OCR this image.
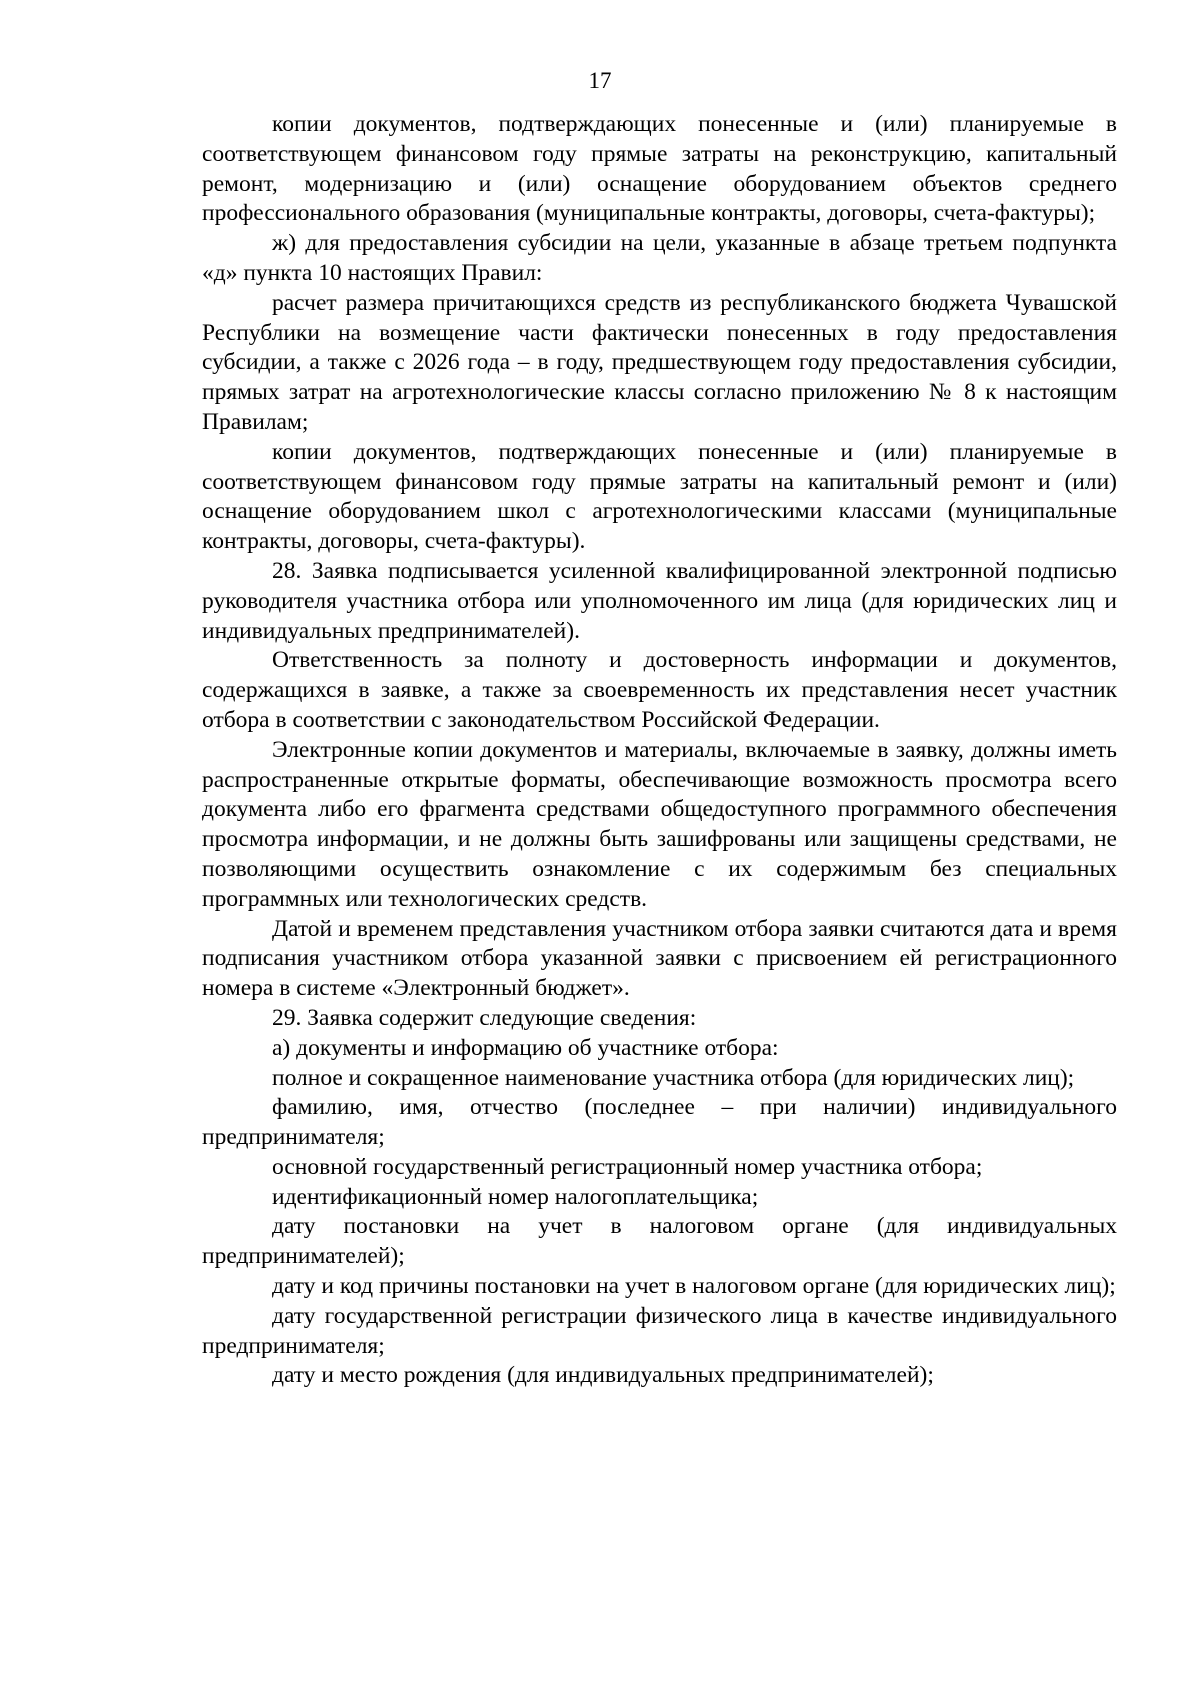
17

копии документов, подтверждающих понесенные и (или) планируемые в соответствующем финансовом году прямые затраты на реконструкцию, капитальный ремонт, модернизацию и (или) оснащение оборудованием объектов среднего профессионального образования (муниципальные контракты, договоры, счета-фактуры);

ж) для предоставления субсидии на цели, указанные в абзаце третьем подпункта «д» пункта 10 настоящих Правил:

расчет размера причитающихся средств из республиканского бюджета Чувашской Республики на возмещение части фактически понесенных в году предоставления субсидии, а также с 2026 года – в году, предшествующем году предоставления субсидии, прямых затрат на агротехнологические классы согласно приложению № 8 к настоящим Правилам;

копии документов, подтверждающих понесенные и (или) планируемые в соответствующем финансовом году прямые затраты на капитальный ремонт и (или) оснащение оборудованием школ с агротехнологическими классами (муниципальные контракты, договоры, счета-фактуры).

28. Заявка подписывается усиленной квалифицированной электронной подписью руководителя участника отбора или уполномоченного им лица (для юридических лиц и индивидуальных предпринимателей).

Ответственность за полноту и достоверность информации и документов, содержащихся в заявке, а также за своевременность их представления несет участник отбора в соответствии с законодательством Российской Федерации.

Электронные копии документов и материалы, включаемые в заявку, должны иметь распространенные открытые форматы, обеспечивающие возможность просмотра всего документа либо его фрагмента средствами общедоступного программного обеспечения просмотра информации, и не должны быть зашифрованы или защищены средствами, не позволяющими осуществить ознакомление с их содержимым без специальных программных или технологических средств.

Датой и временем представления участником отбора заявки считаются дата и время подписания участником отбора указанной заявки с присвоением ей регистрационного номера в системе «Электронный бюджет».

29. Заявка содержит следующие сведения:

а) документы и информацию об участнике отбора:

полное и сокращенное наименование участника отбора (для юридических лиц);

фамилию, имя, отчество (последнее – при наличии) индивидуального предпринимателя;

основной государственный регистрационный номер участника отбора;

идентификационный номер налогоплательщика;

дату постановки на учет в налоговом органе (для индивидуальных предпринимателей);

дату и код причины постановки на учет в налоговом органе (для юридических лиц);

дату государственной регистрации физического лица в качестве индивидуального предпринимателя;

дату и место рождения (для индивидуальных предпринимателей);
